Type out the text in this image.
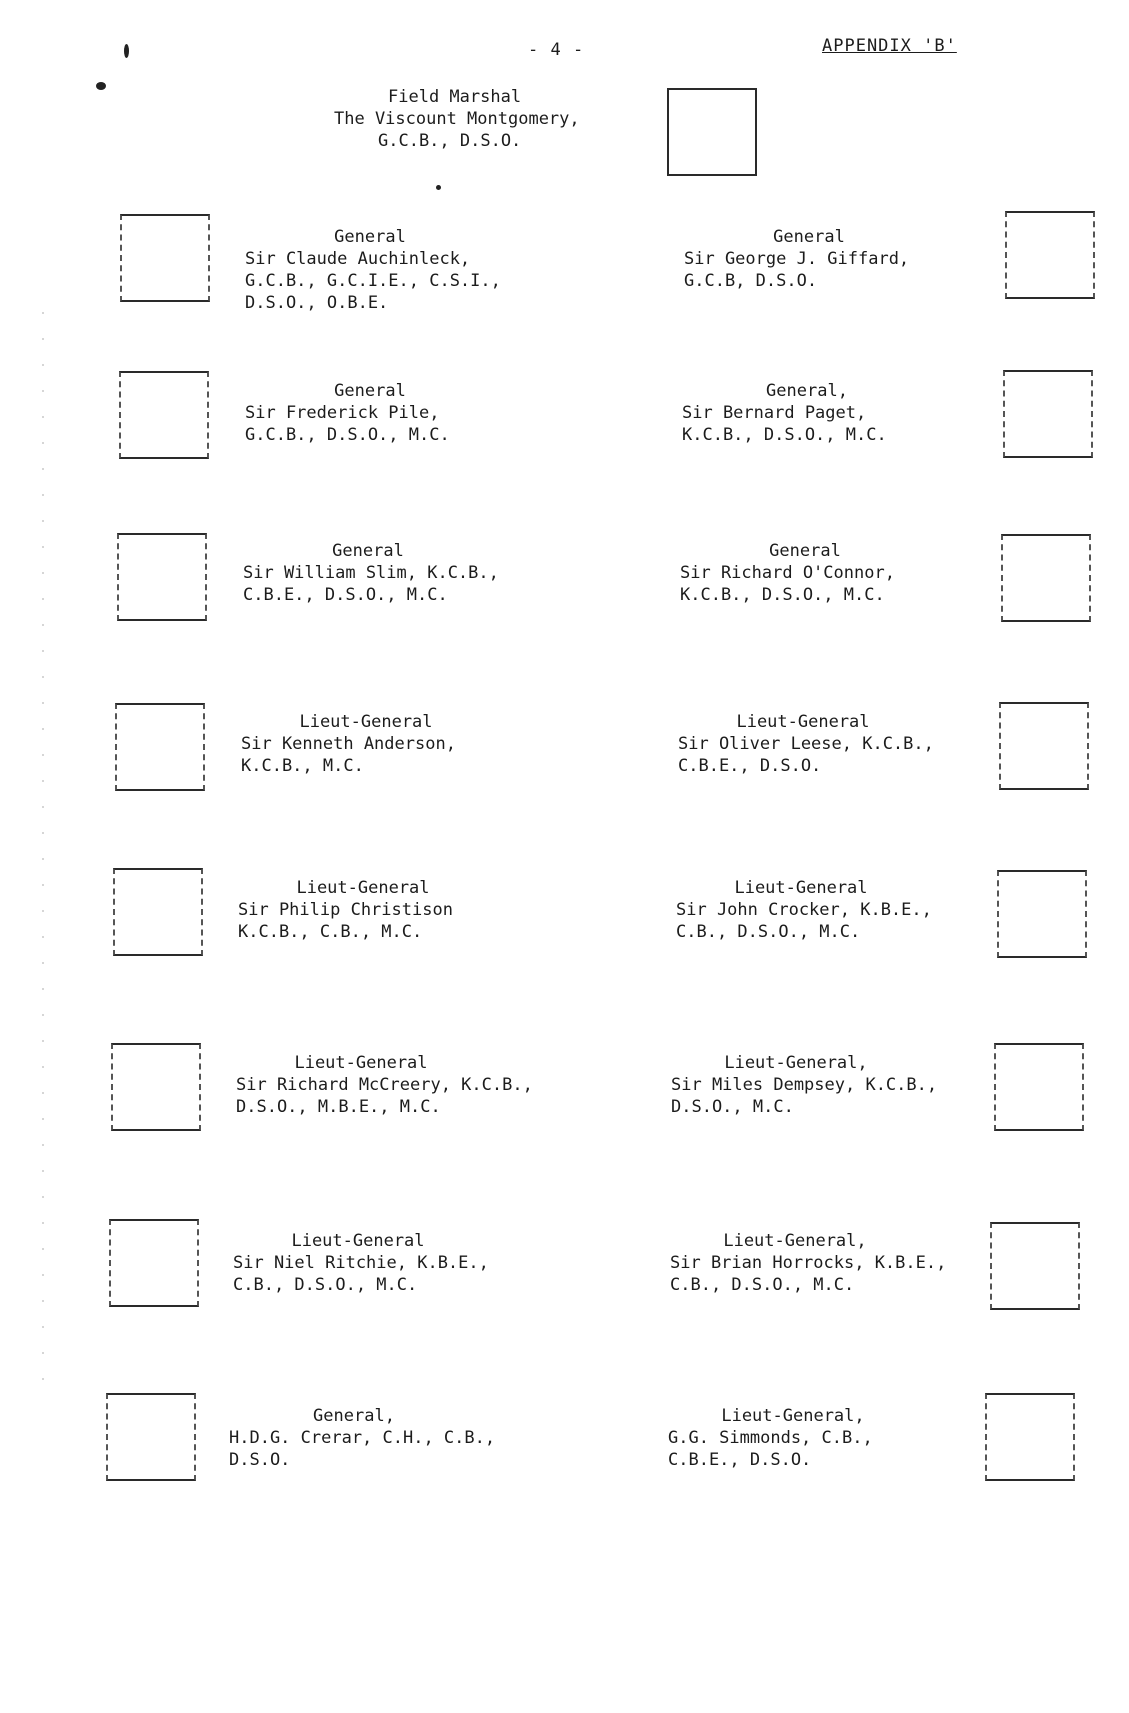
- 4 -	APPENDIX 'B'
Field Marshal
The Viscount Montgomery,
G.C.B., D.S.O.
General
Sir Claude Auchinleck,
G.C.B., G.C.I.E., C.S.I.,
D.S.O., O.B.E.
General
Sir Frederick Pile,
G.C.B., D.S.O., M.C.
General
Sir William Slim, K.C.B.,
C.B.E., D.S.O., M.C.
Lieut-General
Sir Kenneth Anderson,
K.C.B., M.C.
Lieut-General
Sir Philip Christison
K.C.B., C.B., M.C.
Lieut-General
Sir Richard McCreery, K.C.B.,
D.S.O., M.B.E., M.C.
Lieut-General
Sir Niel Ritchie, K.B.E.,
C.B., D.S.O., M.C.
General,
H.D.G. Crerar, C.H., C.B.,
D.S.O.
General
Sir George J. Giffard,
G.C.B, D.S.O.
General,
Sir Bernard Paget,
K.C.B., D.S.O., M.C.
General
Sir Richard O'Connor,
K.C.B., D.S.O., M.C.
Lieut-General
Sir Oliver Leese, K.C.B.,
C.B.E., D.S.O.
Lieut-General
Sir John Crocker, K.B.E.,
C.B., D.S.O., M.C.
Lieut-General,
Sir Miles Dempsey, K.C.B.,
D.S.O., M.C.
Lieut-General,
Sir Brian Horrocks, K.B.E.,
C.B., D.S.O., M.C.
Lieut-General,
G.G. Simmonds, C.B.,
C.B.E., D.S.O.
